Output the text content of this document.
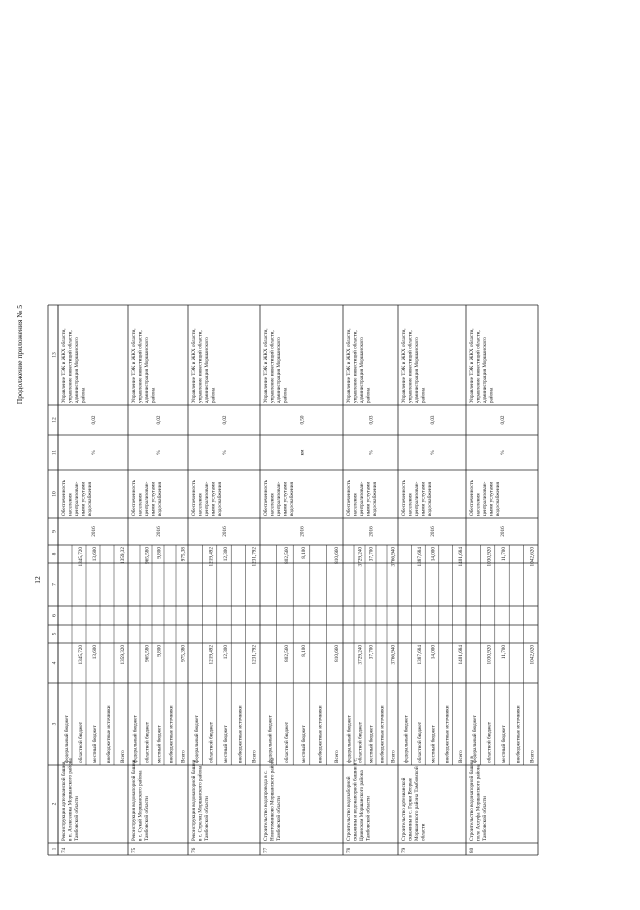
Продолжение приложения № 5
12
1
2
3
4
5
6
7
8
9
10
11
12
13
74
Реконструкция артезианской башни в п. Алексеевка Моршанского района Тамбовской области
федеральный бюджет областной бюджет
1345,720
1345,720
местный бюджет
13,600
13,600
внебюджетные источники Всего
1359,320
1359,32
2016
Обеспеченность населения централизован- ными услугами водоснабжения
%
0,02
Управление ТЭК и ЖКХ области, управление инвестиций области, администрация Моршанского района
75
Реконструкция водонапорной башни в с. Сукай Моршанского района Тамбовской области
федеральный бюджет областной бюджет
965,580
965,580
местный бюджет
9,800
9,800
внебюджетные источники Всего
975,380
975,38
2016
Обеспеченность населения централизован- ными услугами водоснабжения
%
0,02
Управление ТЭК и ЖКХ области, управление инвестиций области, администрация Моршанского района
76
Реконструкция водонапорной башни в с. Стрелец Моршанского района Тамбовской области
федеральный бюджет областной бюджет
1219,492
1219,492
местный бюджет
12,300
12,300
внебюджетные источники Всего
1231,792
1231,792
2016
Обеспеченность населения централизован- ными услугами водоснабжения
%
0,02
Управление ТЭК и ЖКХ области, управление инвестиций области, администрация Моршанского района
77
Строительство водопровода в с. Новотомниково Моршанского района Тамбовской области
федеральный бюджет областной бюджет
802,560
802,560
местный бюджет
8,100
8,100
внебюджетные источники Всего
810,660
810,660
2016
Обеспеченность населения централизован- ными услугами водоснабжения
км
0,50
Управление ТЭК и ЖКХ области, управление инвестиций области, администрация Моршанского района
78
Строительство водозаборной скважины и водонапорной башни в с. Цнинском Моршанского района Тамбовской области
федеральный бюджет областной бюджет
3729,240
3729,240
местный бюджет
37,700
37,700
внебюджетные источники Всего
3766,940
3766,940
2016
Обеспеченность населения централизован- ными услугами водоснабжения
%
0,03
Управление ТЭК и ЖКХ области, управление инвестиций области, администрация Моршанского района
79
Строительство артезианской скважины в с. Горки Вторые Моршанского района Тамбовской области
федеральный бюджет областной бюджет
1387,684
1387,684
местный бюджет
14,000
14,000
внебюджетные источники Всего
1401,684
1401,684
2016
Обеспеченность населения централизован- ными услугами водоснабжения
%
0,03
Управление ТЭК и ЖКХ области, управление инвестиций области, администрация Моршанского района
80
Строительство водонапорной башни в поле Ахлуфа Моршанского района Тамбовской области
федеральный бюджет областной бюджет
1030,920
1030,920
местный бюджет
11,700
11,700
внебюджетные источники Всего
1042,620
1042,620
2016
Обеспеченность населения централизован- ными услугами водоснабжения
%
0,02
Управление ТЭК и ЖКХ области, управление инвестиций области, администрация Моршанского района
